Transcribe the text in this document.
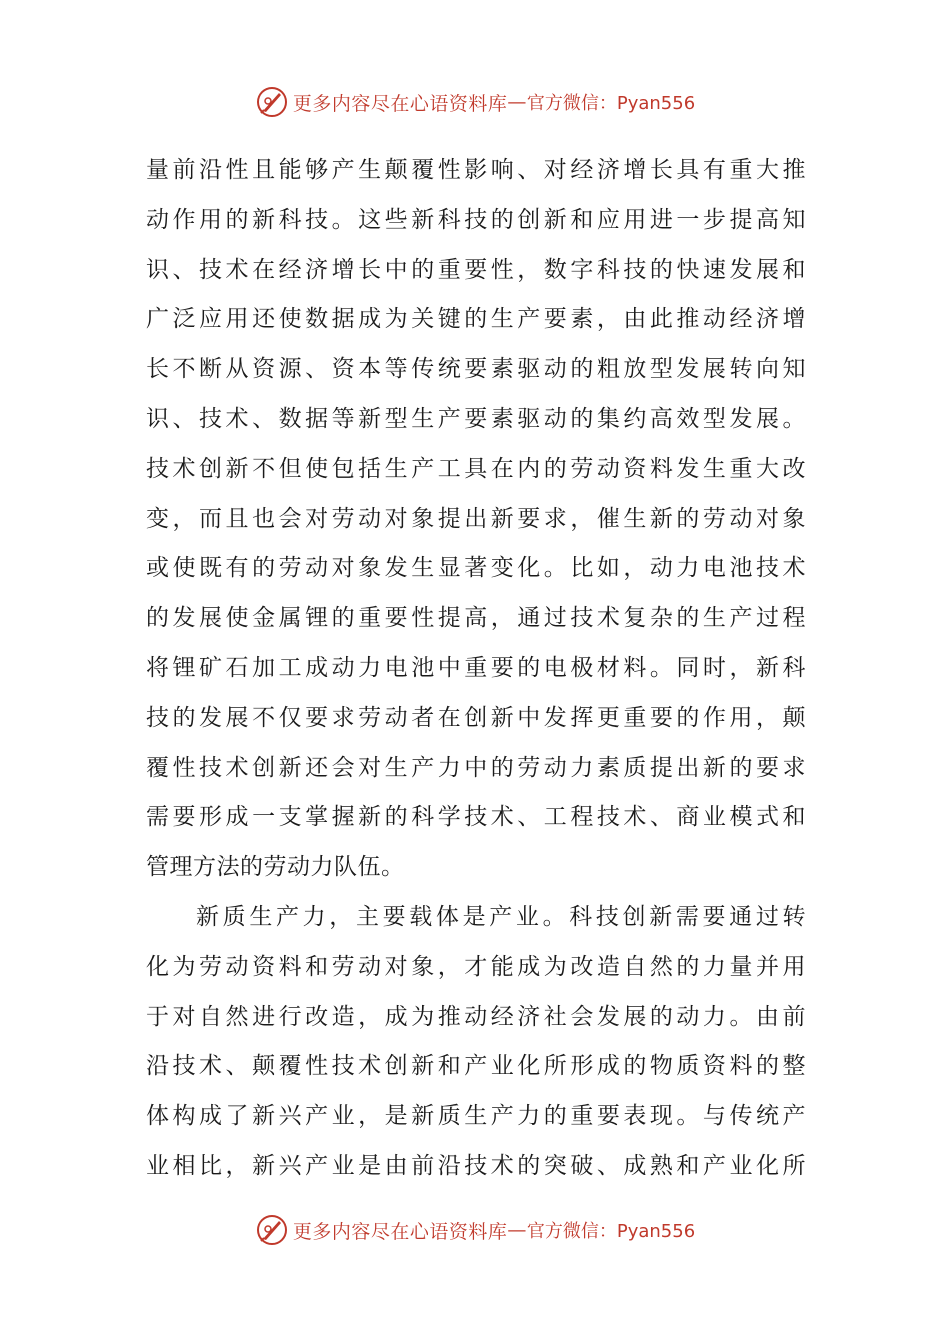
更多内容尽在心语资料库 — 官方微信：Pyan556
量前沿性且能够产生颠覆性影响、对经济增长具有重大推
动作用的新科技。这些新科技的创新和应用进一步提高知
识、技术在经济增长中的重要性，数字科技的快速发展和
广泛应用还使数据成为关键的生产要素，由此推动经济增
长不断从资源、资本等传统要素驱动的粗放型发展转向知
识、技术、数据等新型生产要素驱动的集约高效型发展。
技术创新不但使包括生产工具在内的劳动资料发生重大改
变，而且也会对劳动对象提出新要求，催生新的劳动对象
或使既有的劳动对象发生显著变化。比如，动力电池技术
的发展使金属锂的重要性提高，通过技术复杂的生产过程
将锂矿石加工成动力电池中重要的电极材料。同时，新科
技的发展不仅要求劳动者在创新中发挥更重要的作用，颠
覆性技术创新还会对生产力中的劳动力素质提出新的要求
需要形成一支掌握新的科学技术、工程技术、商业模式和
管理方法的劳动力队伍。
新质生产力，主要载体是产业。科技创新需要通过转
化为劳动资料和劳动对象，才能成为改造自然的力量并用
于对自然进行改造，成为推动经济社会发展的动力。由前
沿技术、颠覆性技术创新和产业化所形成的物质资料的整
体构成了新兴产业，是新质生产力的重要表现。与传统产
业相比，新兴产业是由前沿技术的突破、成熟和产业化所
更多内容尽在心语资料库 — 官方微信：Pyan556
